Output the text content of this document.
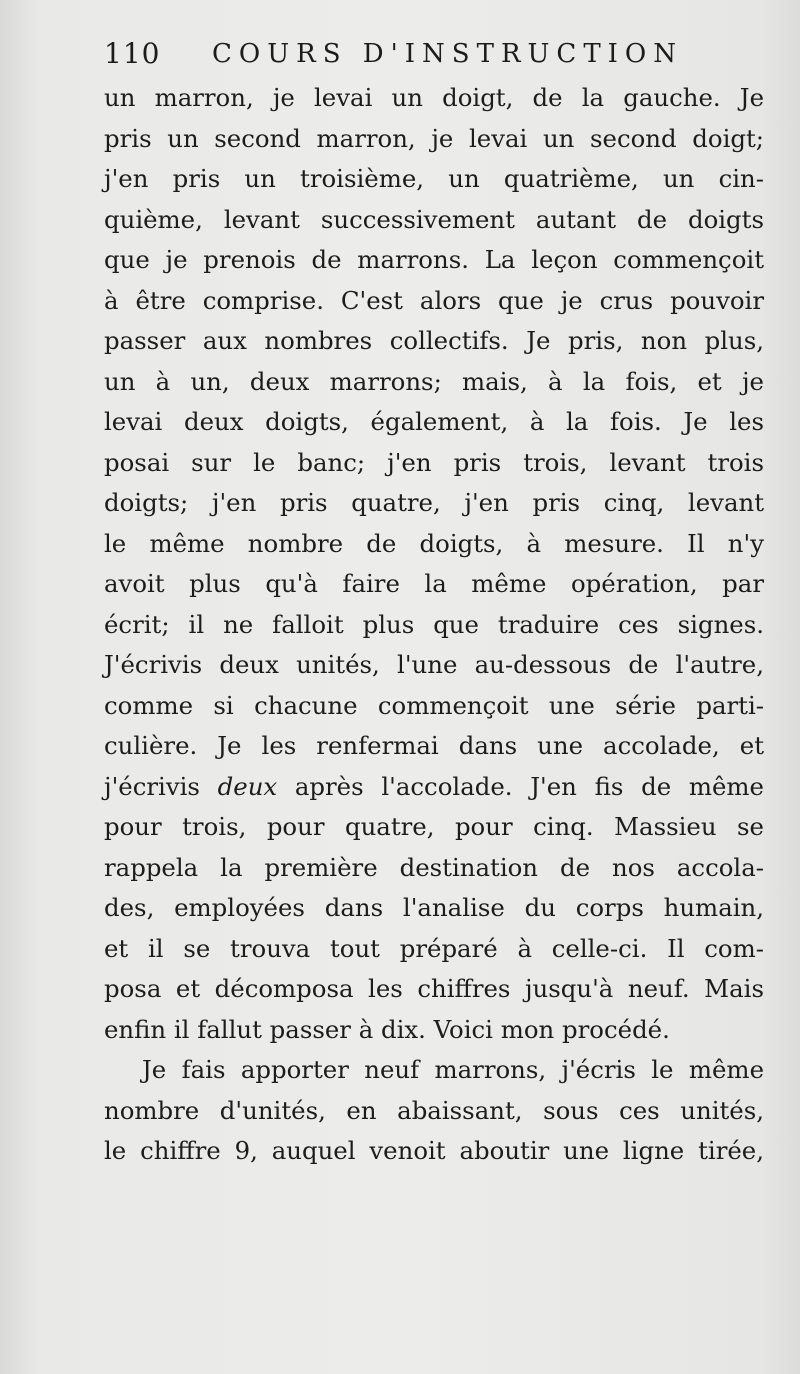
110 COURS D'INSTRUCTION
un marron, je levai un doigt, de la gauche. Je
pris un second marron, je levai un second doigt;
j'en pris un troisième, un quatrième, un cin-
quième, levant successivement autant de doigts
que je prenois de marrons. La leçon commençoit
à être comprise. C'est alors que je crus pouvoir
passer aux nombres collectifs. Je pris, non plus,
un à un, deux marrons; mais, à la fois, et je
levai deux doigts, également, à la fois. Je les
posai sur le banc; j'en pris trois, levant trois
doigts; j'en pris quatre, j'en pris cinq, levant
le même nombre de doigts, à mesure. Il n'y
avoit plus qu'à faire la même opération, par
écrit; il ne falloit plus que traduire ces signes.
J'écrivis deux unités, l'une au-dessous de l'autre,
comme si chacune commençoit une série parti-
culière. Je les renfermai dans une accolade, et
j'écrivis deux après l'accolade. J'en fis de même
pour trois, pour quatre, pour cinq. Massieu se
rappela la première destination de nos accola-
des, employées dans l'analise du corps humain,
et il se trouva tout préparé à celle-ci. Il com-
posa et décomposa les chiffres jusqu'à neuf. Mais
enfin il fallut passer à dix. Voici mon procédé.
Je fais apporter neuf marrons, j'écris le même
nombre d'unités, en abaissant, sous ces unités,
le chiffre 9, auquel venoit aboutir une ligne tirée,
